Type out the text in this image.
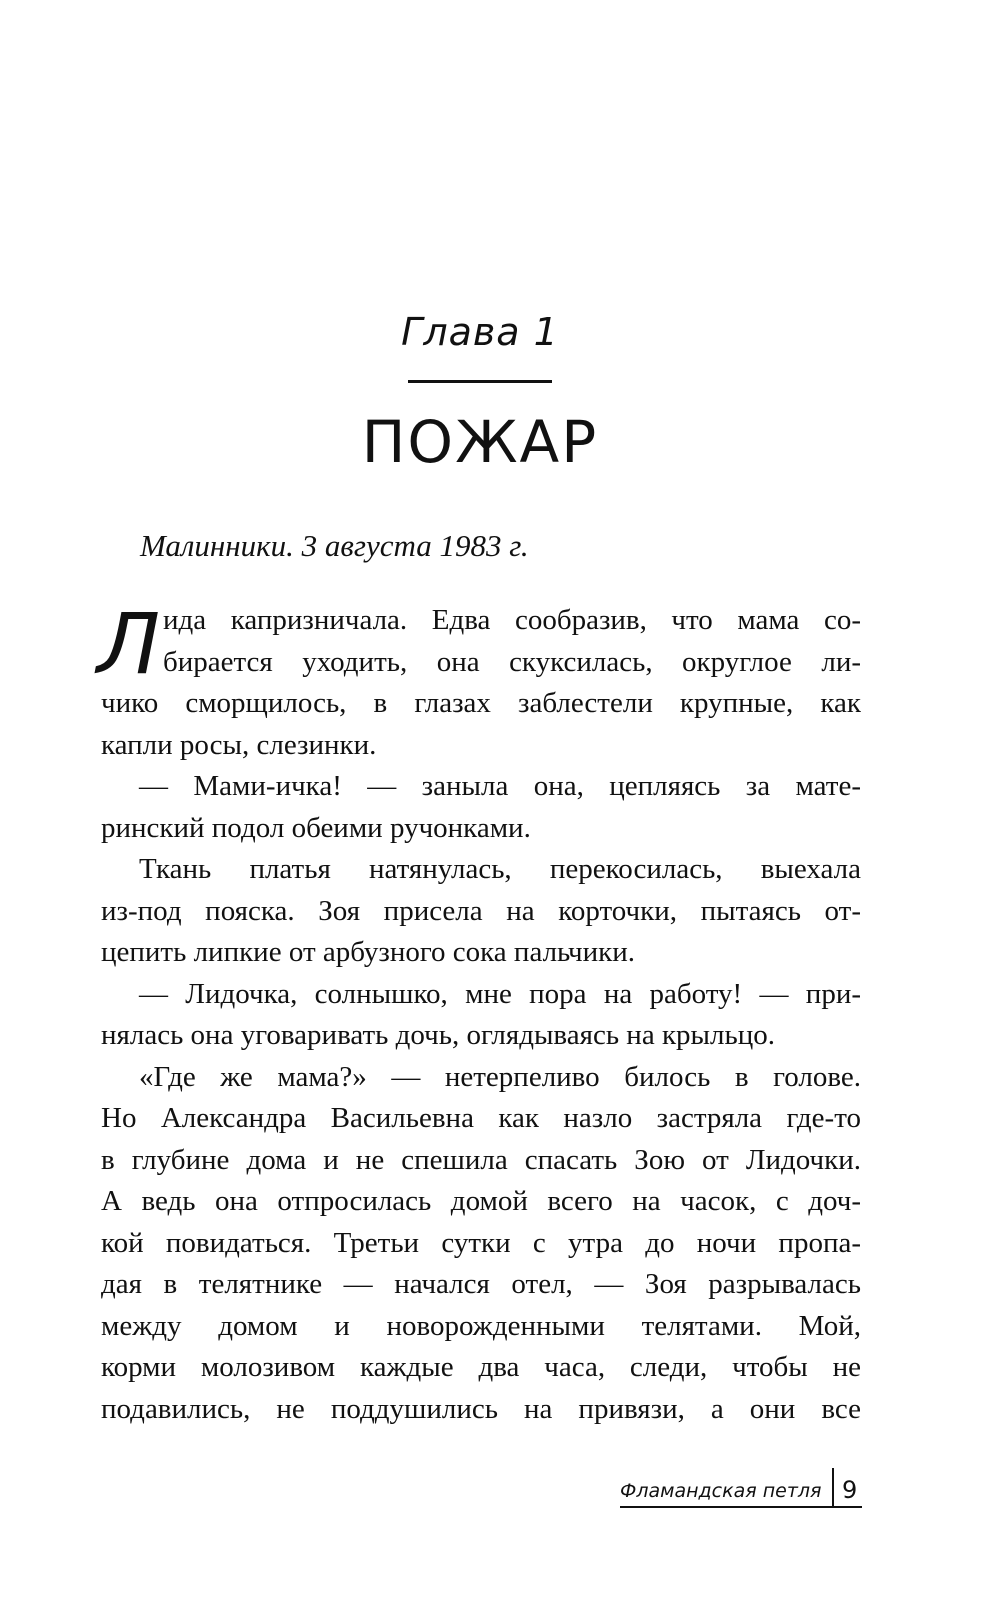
Глава 1
ПОЖАР
Малинники. 3 августа 1983 г.
Л ида капризничала. Едва сообразив, что мама со-
бирается уходить, она скуксилась, округлое ли-
чико сморщилось, в глазах заблестели крупные, как
капли росы, слезинки.
— Мами-ичка! — заныла она, цепляясь за мате-
ринский подол обеими ручонками.
Ткань платья натянулась, перекосилась, выехала
из-под пояска. Зоя присела на корточки, пытаясь от-
цепить липкие от арбузного сока пальчики.
— Лидочка, солнышко, мне пора на работу! — при-
нялась она уговаривать дочь, оглядываясь на крыльцо.
«Где же мама?» — нетерпеливо билось в голове.
Но Александра Васильевна как назло застряла где-то
в глубине дома и не спешила спасать Зою от Лидочки.
А ведь она отпросилась домой всего на часок, с доч-
кой повидаться. Третьи сутки с утра до ночи пропа-
дая в телятнике — начался отел, — Зоя разрывалась
между домом и новорожденными телятами. Мой,
корми молозивом каждые два часа, следи, чтобы не
подавились, не поддушились на привязи, а они все
Фламандская петля 9
